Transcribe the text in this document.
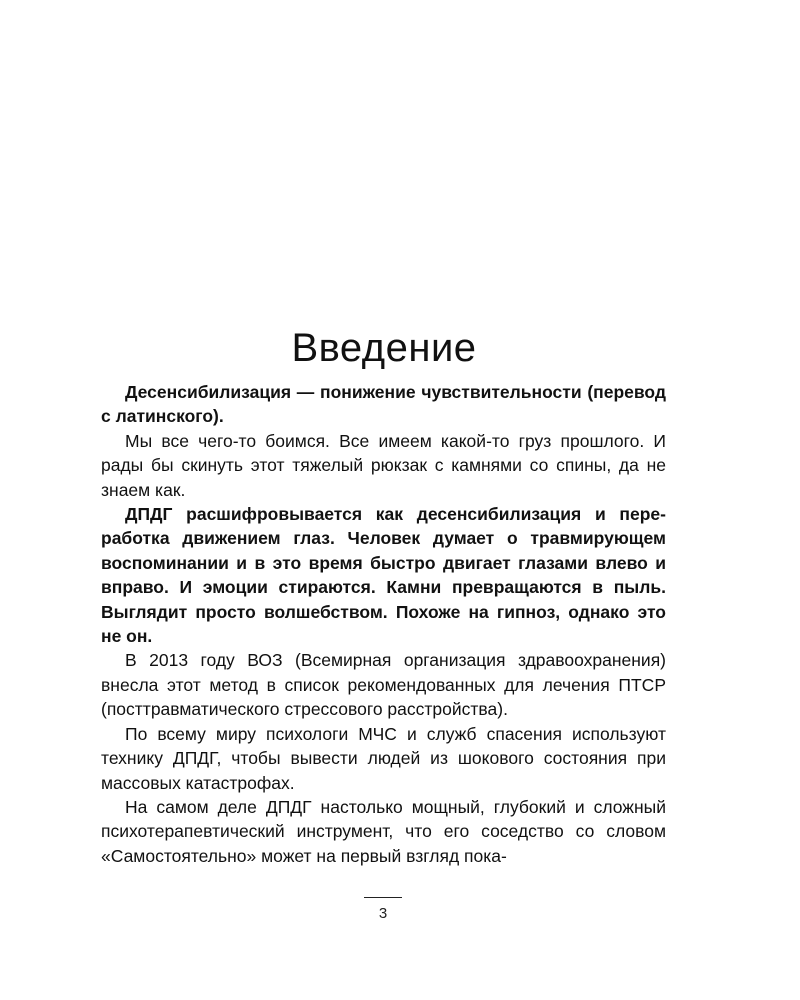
Введение

Десенсибилизация — понижение чувствительности (перевод с латинского).

Мы все чего-то боимся. Все имеем какой-то груз прошлого. И рады бы скинуть этот тяжелый рюкзак с камнями со спины, да не знаем как.

ДПДГ расшифровывается как десенсибилизация и переработка движением глаз. Человек думает о травмирующем воспоминании и в это время быстро двигает глазами влево и вправо. И эмоции стираются. Камни превращаются в пыль. Выглядит просто волшебством. Похоже на гипноз, однако это не он.

В 2013 году ВОЗ (Всемирная организация здравоохранения) внесла этот метод в список рекомендованных для лечения ПТСР (посттравматического стрессового расстройства).

По всему миру психологи МЧС и служб спасения используют технику ДПДГ, чтобы вывести людей из шокового состояния при массовых катастрофах.

На самом деле ДПДГ настолько мощный, глубокий и сложный психотерапевтический инструмент, что его соседство со словом «Самостоятельно» может на первый взгляд пока-

3
